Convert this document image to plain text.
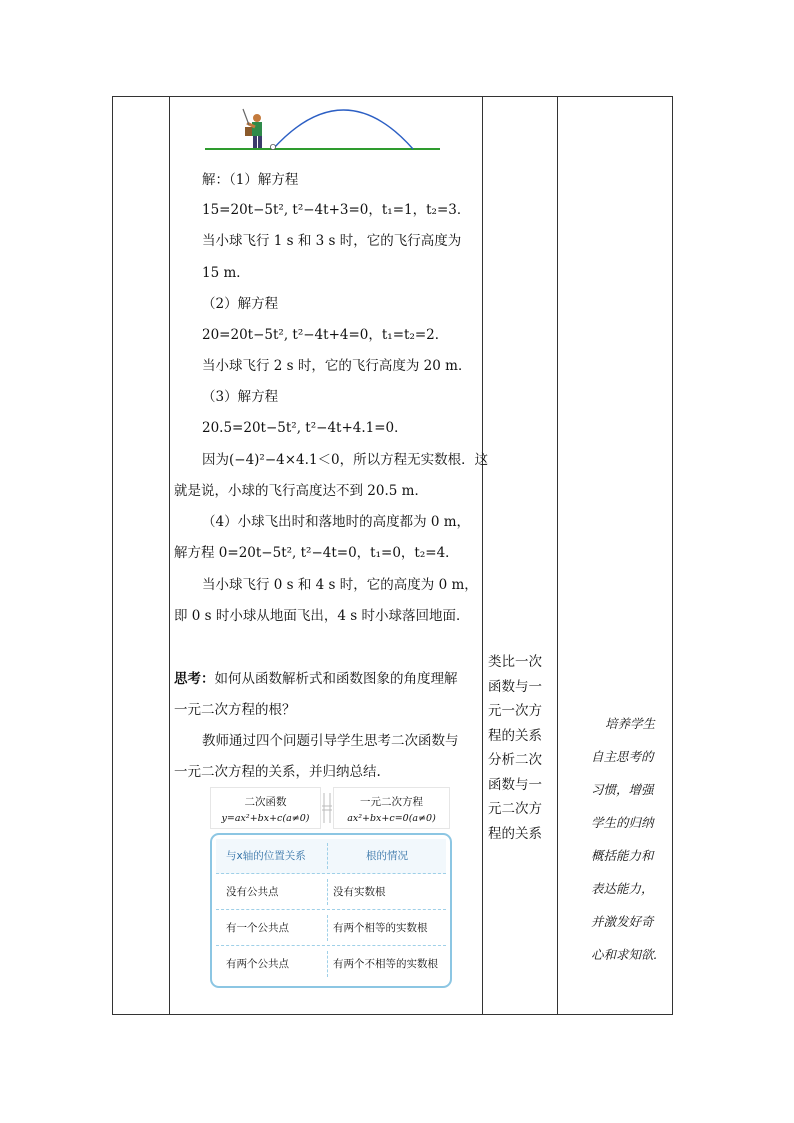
解：（1）解方程
15=20t−5t², t²−4t+3=0，t₁=1，t₂=3．
当小球飞行 1 s 和 3 s 时，它的飞行高度为
15 m．
（2）解方程
20=20t−5t², t²−4t+4=0，t₁=t₂=2．
当小球飞行 2 s 时，它的飞行高度为 20 m．
（3）解方程
20.5=20t−5t², t²−4t+4.1=0．
因为(−4)²−4×4.1＜0，所以方程无实数根．这
就是说，小球的飞行高度达不到 20.5 m．
（4）小球飞出时和落地时的高度都为 0 m，
解方程 0=20t−5t², t²−4t=0，t₁=0，t₂=4．
当小球飞行 0 s 和 4 s 时，它的高度为 0 m，
即 0 s 时小球从地面飞出，4 s 时小球落回地面．
思考：如何从函数解析式和函数图象的角度理解
一元二次方程的根？
教师通过四个问题引导学生思考二次函数与
一元二次方程的关系，并归纳总结.
二次函数
y=ax²+bx+c(a≠0)
一元二次方程
ax²+bx+c=0(a≠0)
与x轴的位置关系	根的情况
没有公共点	没有实数根
有一个公共点	有两个相等的实数根
有两个公共点	有两个不相等的实数根
类比一次函数与一元一次方程的关系分析二次函数与一元二次方程的关系
培养学生自主思考的习惯，增强学生的归纳概括能力和表达能力，并激发好奇心和求知欲.
